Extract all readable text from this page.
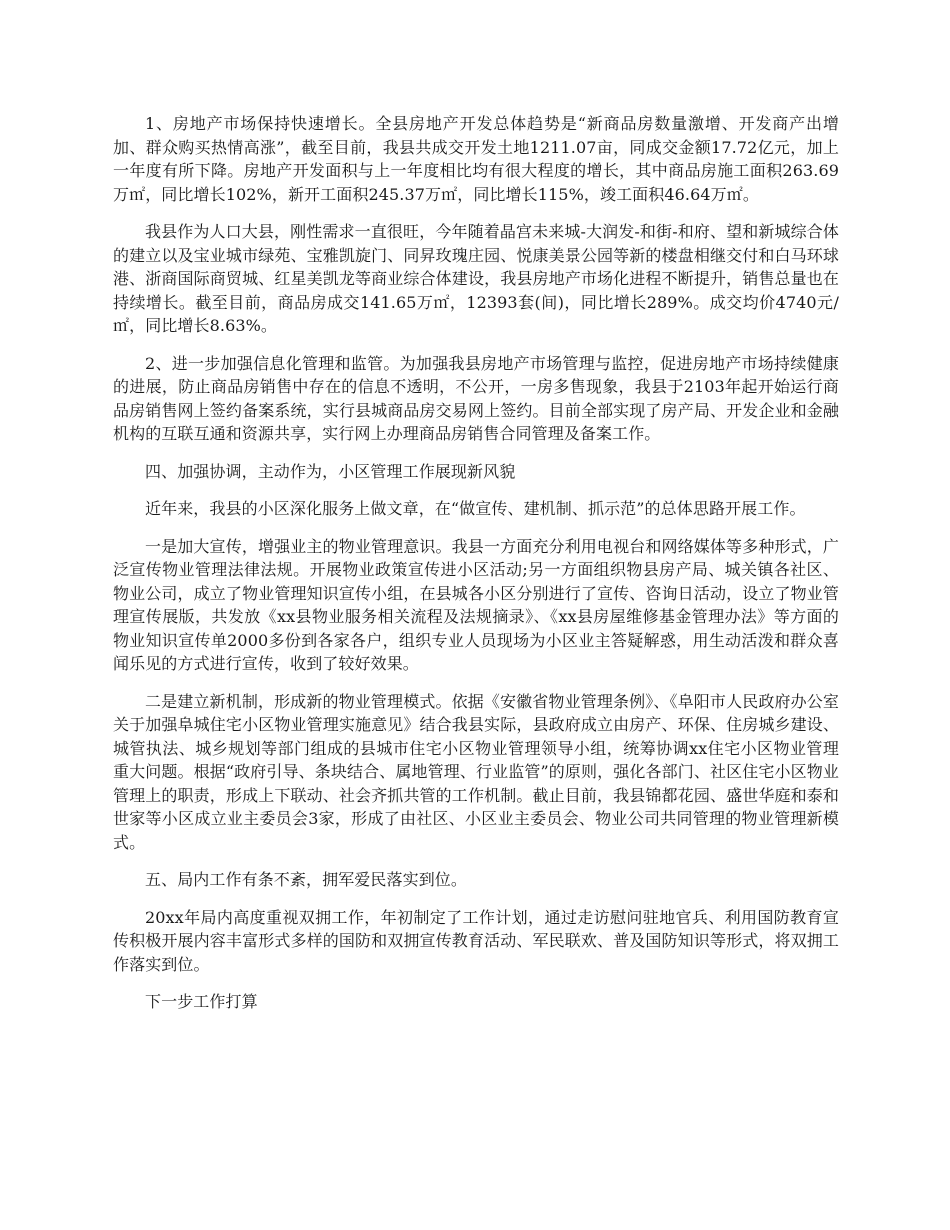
1、房地产市场保持快速增长。全县房地产开发总体趋势是“新商品房数量激增、开发商产出增加、群众购买热情高涨”，截至目前，我县共成交开发土地1211.07亩，同成交金额17.72亿元，加上一年度有所下降。房地产开发面积与上一年度相比均有很大程度的增长，其中商品房施工面积263.69万㎡，同比增长102%，新开工面积245.37万㎡，同比增长115%，竣工面积46.64万㎡。

我县作为人口大县，刚性需求一直很旺，今年随着晶宫未来城-大润发-和街-和府、望和新城综合体的建立以及宝业城市绿苑、宝雅凯旋门、同昇玫瑰庄园、悦康美景公园等新的楼盘相继交付和白马环球港、浙商国际商贸城、红星美凯龙等商业综合体建设，我县房地产市场化进程不断提升，销售总量也在持续增长。截至目前，商品房成交141.65万㎡，12393套(间)，同比增长289%。成交均价4740元/㎡，同比增长8.63%。

2、进一步加强信息化管理和监管。为加强我县房地产市场管理与监控，促进房地产市场持续健康的进展，防止商品房销售中存在的信息不透明，不公开，一房多售现象，我县于2103年起开始运行商品房销售网上签约备案系统，实行县城商品房交易网上签约。目前全部实现了房产局、开发企业和金融机构的互联互通和资源共享，实行网上办理商品房销售合同管理及备案工作。

四、加强协调，主动作为，小区管理工作展现新风貌

近年来，我县的小区深化服务上做文章，在“做宣传、建机制、抓示范”的总体思路开展工作。

一是加大宣传，增强业主的物业管理意识。我县一方面充分利用电视台和网络媒体等多种形式，广泛宣传物业管理法律法规。开展物业政策宣传进小区活动;另一方面组织物县房产局、城关镇各社区、物业公司，成立了物业管理知识宣传小组，在县城各小区分别进行了宣传、咨询日活动，设立了物业管理宣传展版，共发放《xx县物业服务相关流程及法规摘录》、《xx县房屋维修基金管理办法》等方面的物业知识宣传单2000多份到各家各户，组织专业人员现场为小区业主答疑解惑，用生动活泼和群众喜闻乐见的方式进行宣传，收到了较好效果。

二是建立新机制，形成新的物业管理模式。依据《安徽省物业管理条例》、《阜阳市人民政府办公室关于加强阜城住宅小区物业管理实施意见》结合我县实际，县政府成立由房产、环保、住房城乡建设、城管执法、城乡规划等部门组成的县城市住宅小区物业管理领导小组，统筹协调xx住宅小区物业管理重大问题。根据“政府引导、条块结合、属地管理、行业监管”的原则，强化各部门、社区住宅小区物业管理上的职责，形成上下联动、社会齐抓共管的工作机制。截止目前，我县锦都花园、盛世华庭和泰和世家等小区成立业主委员会3家，形成了由社区、小区业主委员会、物业公司共同管理的物业管理新模式。

五、局内工作有条不紊，拥军爱民落实到位。

20xx年局内高度重视双拥工作，年初制定了工作计划，通过走访慰问驻地官兵、利用国防教育宣传积极开展内容丰富形式多样的国防和双拥宣传教育活动、军民联欢、普及国防知识等形式，将双拥工作落实到位。

下一步工作打算
